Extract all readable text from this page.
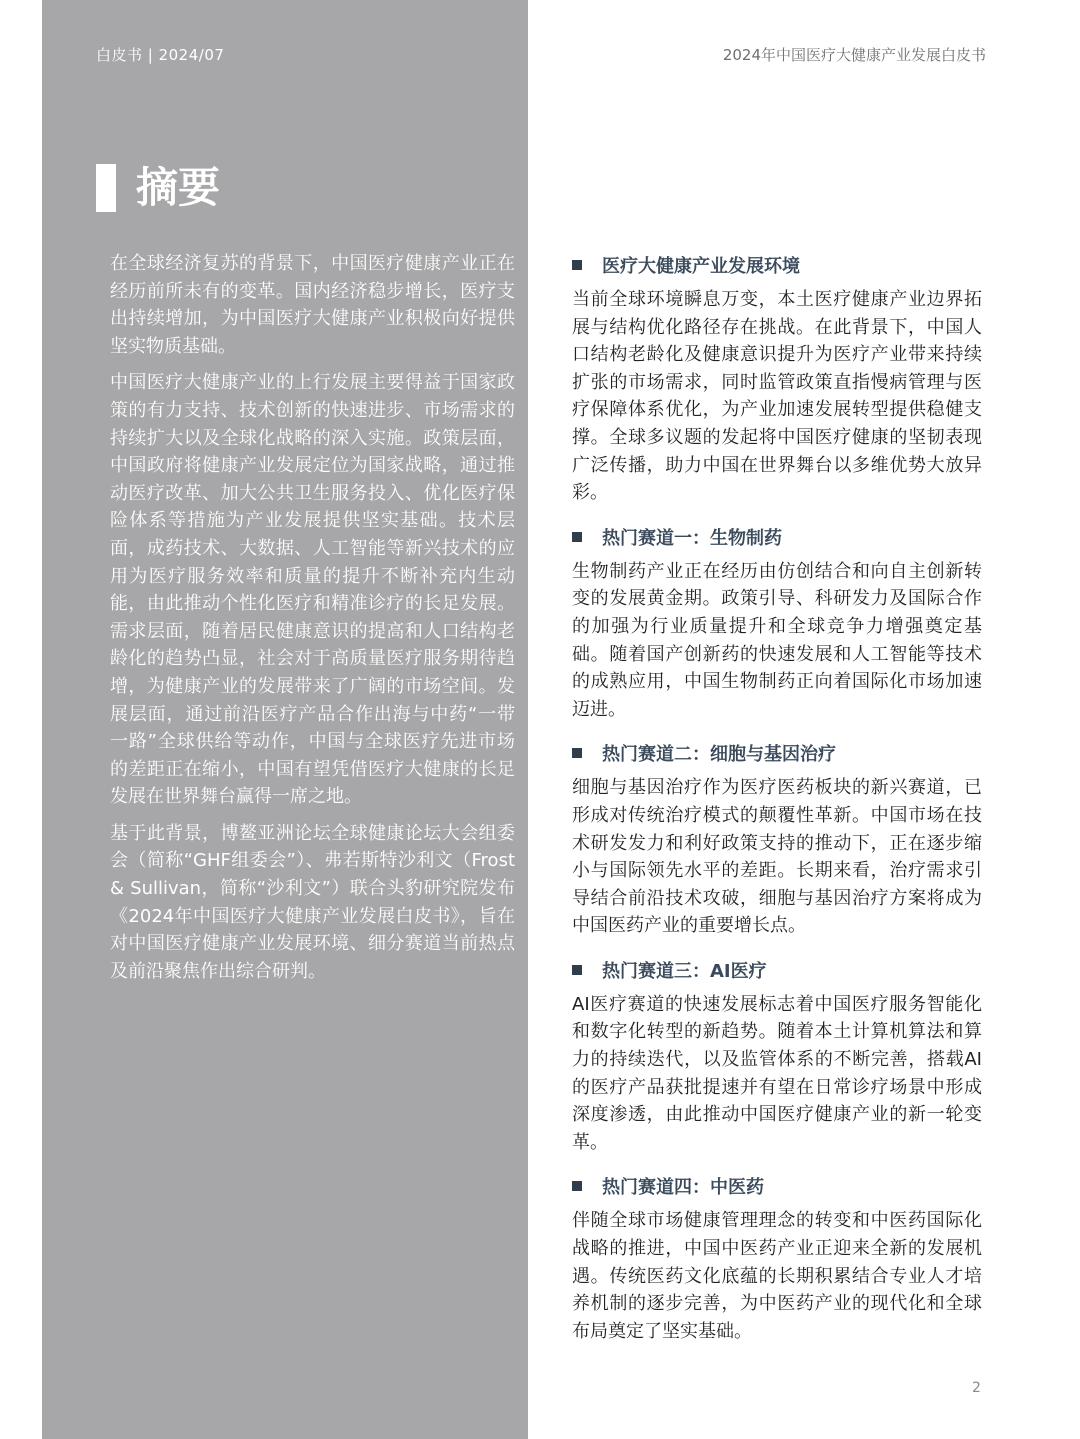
白皮书 | 2024/07	2024年中国医疗大健康产业发展白皮书
摘要

在全球经济复苏的背景下，中国医疗健康产业正在经历前所未有的变革。国内经济稳步增长，医疗支出持续增加，为中国医疗大健康产业积极向好提供坚实物质基础。

中国医疗大健康产业的上行发展主要得益于国家政策的有力支持、技术创新的快速进步、市场需求的持续扩大以及全球化战略的深入实施。政策层面，中国政府将健康产业发展定位为国家战略，通过推动医疗改革、加大公共卫生服务投入、优化医疗保险体系等措施为产业发展提供坚实基础。技术层面，成药技术、大数据、人工智能等新兴技术的应用为医疗服务效率和质量的提升不断补充内生动能，由此推动个性化医疗和精准诊疗的长足发展。需求层面，随着居民健康意识的提高和人口结构老龄化的趋势凸显，社会对于高质量医疗服务期待趋增，为健康产业的发展带来了广阔的市场空间。发展层面，通过前沿医疗产品合作出海与中药“一带一路”全球供给等动作，中国与全球医疗先进市场的差距正在缩小，中国有望凭借医疗大健康的长足发展在世界舞台赢得一席之地。

基于此背景，博鳌亚洲论坛全球健康论坛大会组委会（简称“GHF组委会”）、弗若斯特沙利文（Frost & Sullivan，简称“沙利文”）联合头豹研究院发布《2024年中国医疗大健康产业发展白皮书》，旨在对中国医疗健康产业发展环境、细分赛道当前热点及前沿聚焦作出综合研判。

医疗大健康产业发展环境

当前全球环境瞬息万变，本土医疗健康产业边界拓展与结构优化路径存在挑战。在此背景下，中国人口结构老龄化及健康意识提升为医疗产业带来持续扩张的市场需求，同时监管政策直指慢病管理与医疗保障体系优化，为产业加速发展转型提供稳健支撑。全球多议题的发起将中国医疗健康的坚韧表现广泛传播，助力中国在世界舞台以多维优势大放异彩。

热门赛道一：生物制药

生物制药产业正在经历由仿创结合和向自主创新转变的发展黄金期。政策引导、科研发力及国际合作的加强为行业质量提升和全球竞争力增强奠定基础。随着国产创新药的快速发展和人工智能等技术的成熟应用，中国生物制药正向着国际化市场加速迈进。

热门赛道二：细胞与基因治疗

细胞与基因治疗作为医疗医药板块的新兴赛道，已形成对传统治疗模式的颠覆性革新。中国市场在技术研发发力和利好政策支持的推动下，正在逐步缩小与国际领先水平的差距。长期来看，治疗需求引导结合前沿技术攻破，细胞与基因治疗方案将成为中国医药产业的重要增长点。

热门赛道三：AI医疗

AI医疗赛道的快速发展标志着中国医疗服务智能化和数字化转型的新趋势。随着本土计算机算法和算力的持续迭代，以及监管体系的不断完善，搭载AI的医疗产品获批提速并有望在日常诊疗场景中形成深度渗透，由此推动中国医疗健康产业的新一轮变革。

热门赛道四：中医药

伴随全球市场健康管理理念的转变和中医药国际化战略的推进，中国中医药产业正迎来全新的发展机遇。传统医药文化底蕴的长期积累结合专业人才培养机制的逐步完善，为中医药产业的现代化和全球布局奠定了坚实基础。

2
